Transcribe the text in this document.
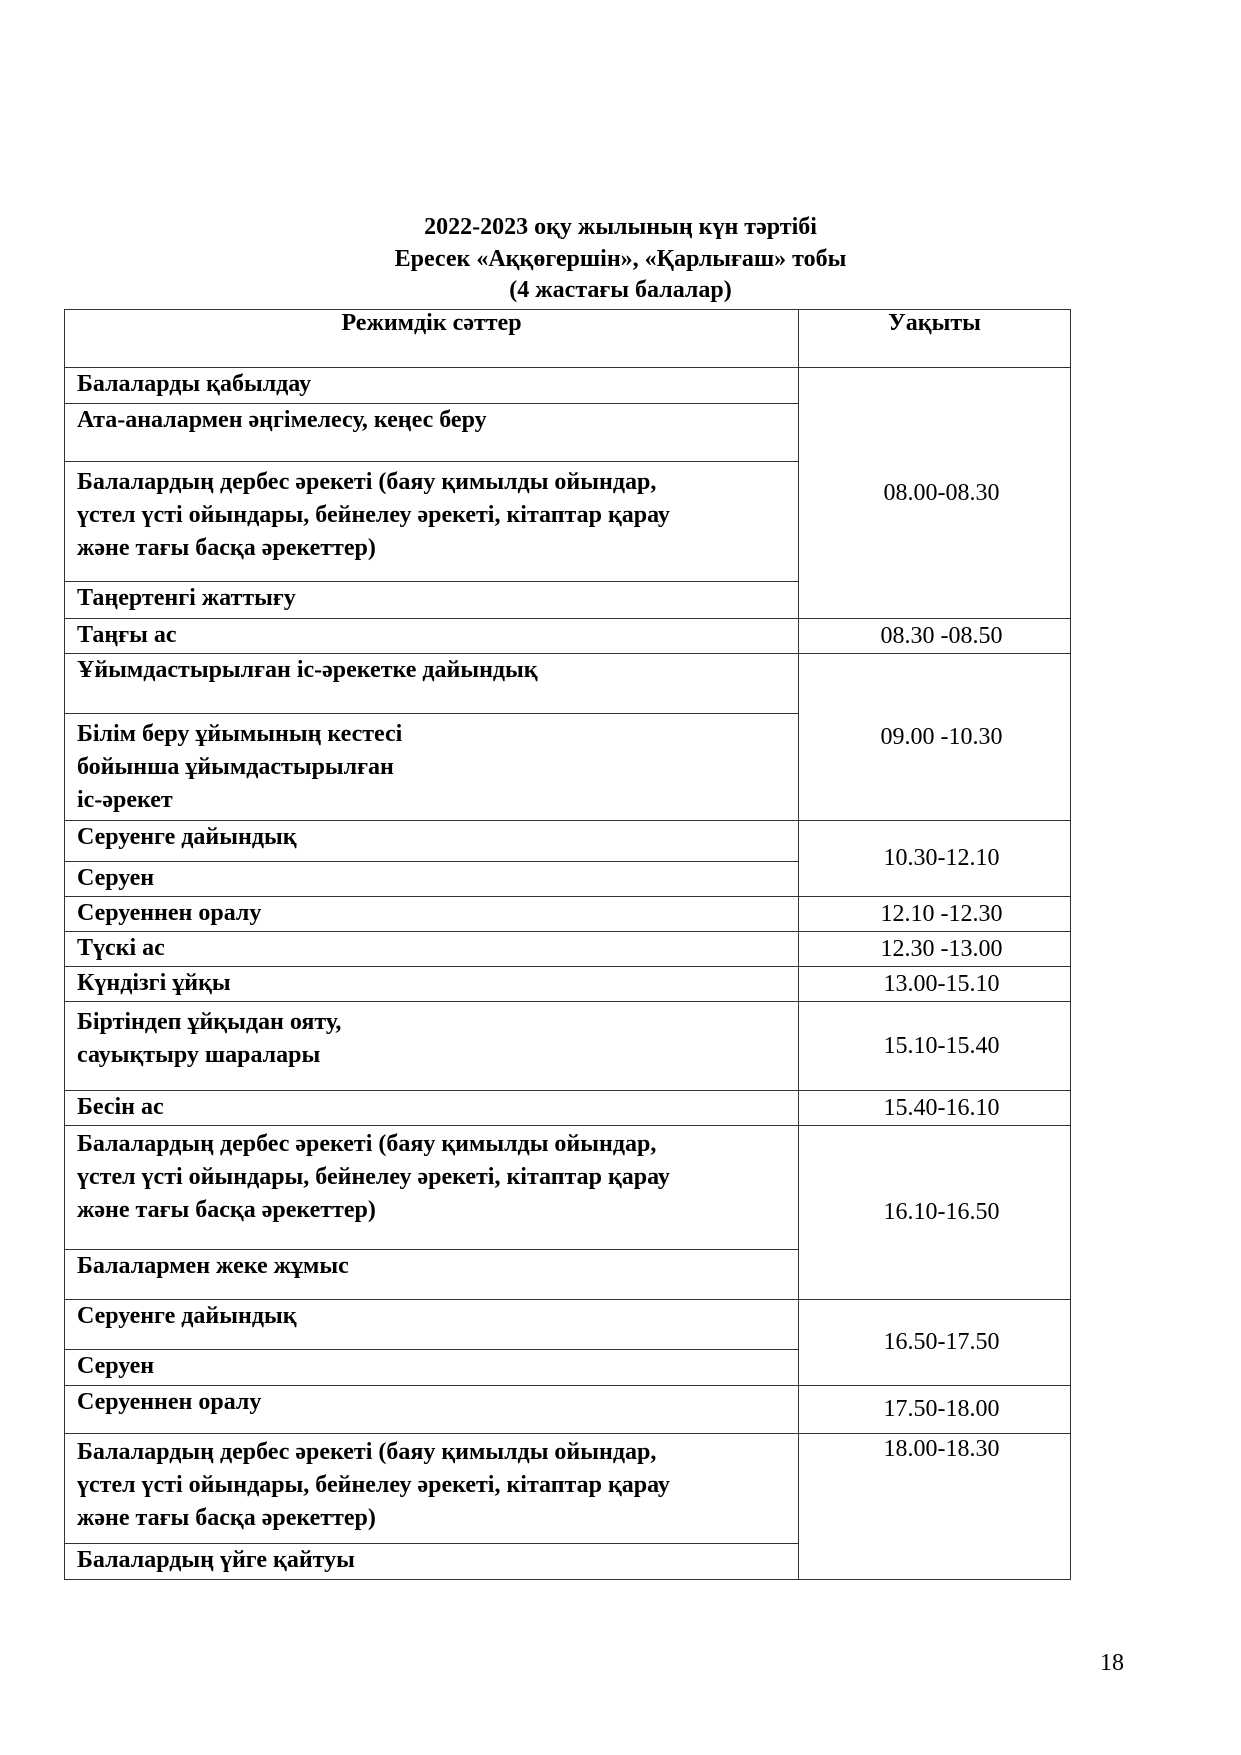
2022-2023 оқу жылының күн тәртібі
Ересек «Аққөгершін», «Қарлығаш» тобы
(4 жастағы балалар)
Режимдік сәттер	Уақыты

Балаларды қабылдау	08.00-08.30

Ата-аналармен әңгімелесу, кеңес беру	

Балалардың дербес әрекеті (баяу қимылды ойындар,
үстел үсті ойындары, бейнелеу әрекеті, кітаптар қарау
және тағы басқа әрекеттер)	

Таңертенгі жаттығу	

Таңғы ас	08.30 -08.50

Ұйымдастырылған іс-әрекетке дайындық	09.00 -10.30

Білім беру ұйымының кестесі
бойынша ұйымдастырылған
іс-әрекет	

Серуенге дайындық	10.30-12.10

Серуен	

Серуеннен оралу	12.10 -12.30

Түскі ас	12.30 -13.00

Күндізгі ұйқы	13.00-15.10

Біртіндеп ұйқыдан ояту,
сауықтыру шаралары	15.10-15.40

Бесін ас	15.40-16.10

Балалардың дербес әрекеті (баяу қимылды ойындар,
үстел үсті ойындары, бейнелеу әрекеті, кітаптар қарау
және тағы басқа әрекеттер)	16.10-16.50

Балалармен жеке жұмыс	

Серуенге дайындық	16.50-17.50

Серуен	

Серуеннен оралу	17.50-18.00

Балалардың дербес әрекеті (баяу қимылды ойындар,
үстел үсті ойындары, бейнелеу әрекеті, кітаптар қарау
және тағы басқа әрекеттер)	18.00-18.30

Балалардың үйге қайтуы	
18
